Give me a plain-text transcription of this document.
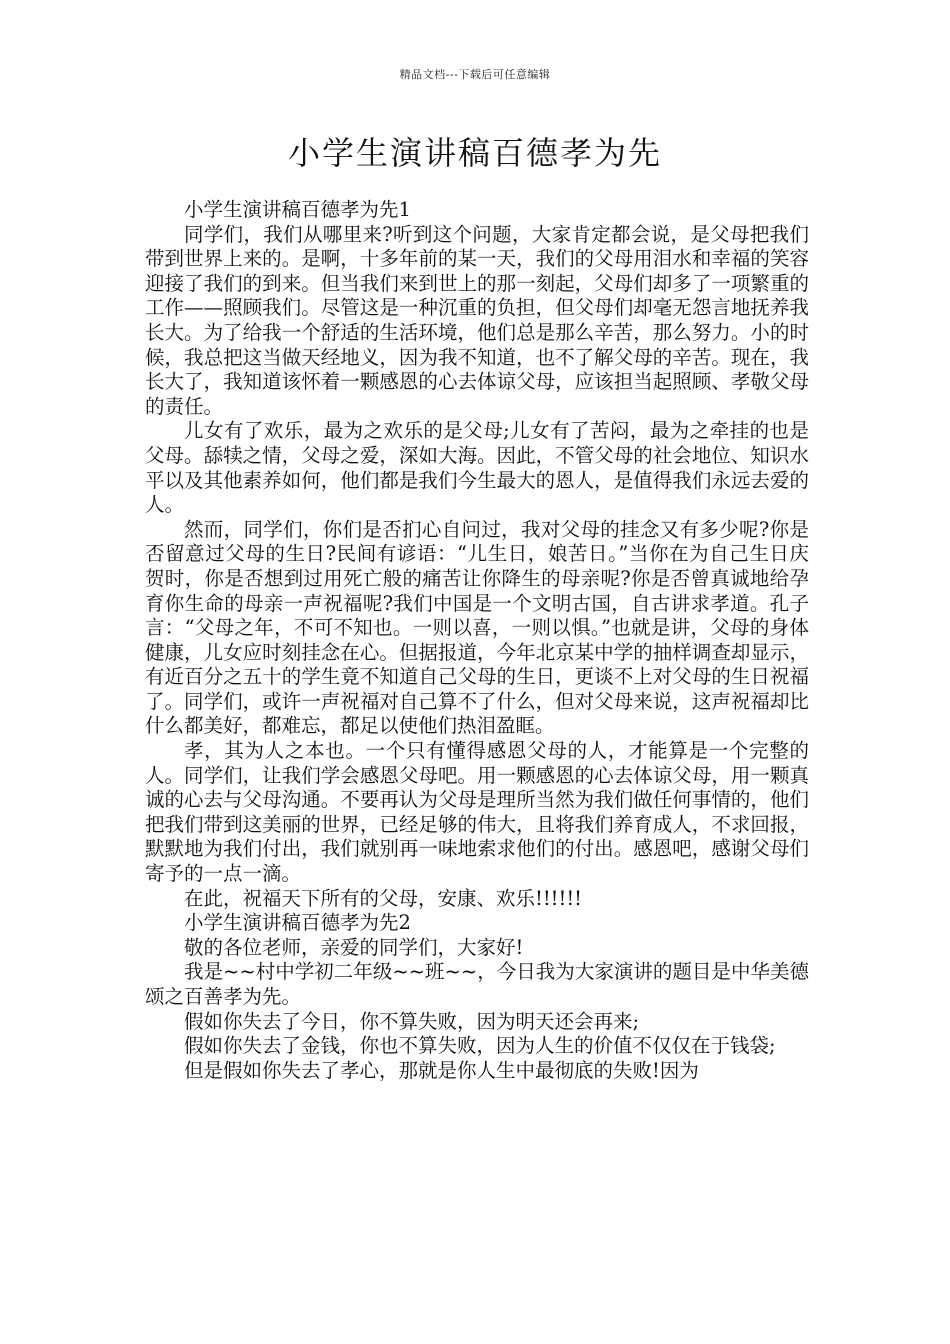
精品文档---下载后可任意编辑
小学生演讲稿百德孝为先

小学生演讲稿百德孝为先1

同学们，我们从哪里来?听到这个问题，大家肯定都会说，是父母把我们带到世界上来的。是啊，十多年前的某一天，我们的父母用泪水和幸福的笑容迎接了我们的到来。但当我们来到世上的那一刻起，父母们却多了一项繁重的工作——照顾我们。尽管这是一种沉重的负担，但父母们却毫无怨言地抚养我长大。为了给我一个舒适的生活环境，他们总是那么辛苦，那么努力。小的时候，我总把这当做天经地义，因为我不知道，也不了解父母的辛苦。现在，我长大了，我知道该怀着一颗感恩的心去体谅父母，应该担当起照顾、孝敬父母的责任。

儿女有了欢乐，最为之欢乐的是父母;儿女有了苦闷，最为之牵挂的也是父母。舔犊之情，父母之爱，深如大海。因此，不管父母的社会地位、知识水平以及其他素养如何，他们都是我们今生最大的恩人，是值得我们永远去爱的人。

然而，同学们，你们是否扪心自问过，我对父母的挂念又有多少呢?你是否留意过父母的生日?民间有谚语：“儿生日，娘苦日。”当你在为自己生日庆贺时，你是否想到过用死亡般的痛苦让你降生的母亲呢?你是否曾真诚地给孕育你生命的母亲一声祝福呢?我们中国是一个文明古国，自古讲求孝道。孔子言：“父母之年，不可不知也。一则以喜，一则以惧。”也就是讲，父母的身体健康，儿女应时刻挂念在心。但据报道，今年北京某中学的抽样调查却显示，有近百分之五十的学生竟不知道自己父母的生日，更谈不上对父母的生日祝福了。同学们，或许一声祝福对自己算不了什么，但对父母来说，这声祝福却比什么都美好，都难忘，都足以使他们热泪盈眶。

孝，其为人之本也。一个只有懂得感恩父母的人，才能算是一个完整的人。同学们，让我们学会感恩父母吧。用一颗感恩的心去体谅父母，用一颗真诚的心去与父母沟通。不要再认为父母是理所当然为我们做任何事情的，他们把我们带到这美丽的世界，已经足够的伟大，且将我们养育成人，不求回报，默默地为我们付出，我们就别再一味地索求他们的付出。感恩吧，感谢父母们寄予的一点一滴。

在此，祝福天下所有的父母，安康、欢乐!!!!!!

小学生演讲稿百德孝为先2

敬的各位老师，亲爱的同学们，大家好!

我是~~村中学初二年级~~班~~，今日我为大家演讲的题目是中华美德颂之百善孝为先。

假如你失去了今日，你不算失败，因为明天还会再来;

假如你失去了金钱，你也不算失败，因为人生的价值不仅仅在于钱袋;

但是假如你失去了孝心，那就是你人生中最彻底的失败!因为
